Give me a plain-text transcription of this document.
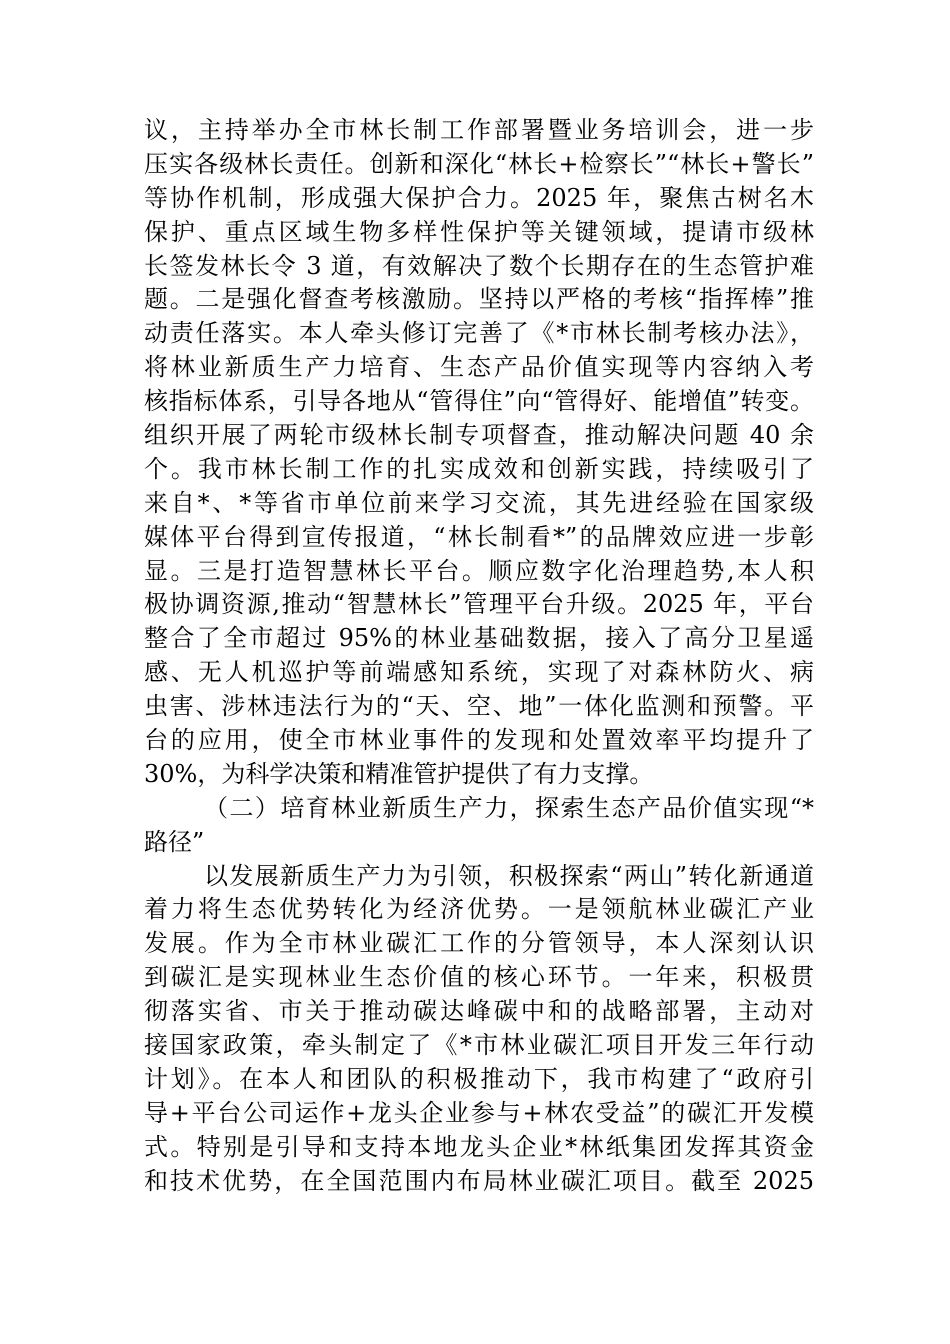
议，主持举办全市林长制工作部署暨业务培训会，进一步
压实各级林长责任。创新和深化“林长+检察长”“林长+警长”
等协作机制，形成强大保护合力。2025 年，聚焦古树名木
保护、重点区域生物多样性保护等关键领域，提请市级林
长签发林长令 3 道，有效解决了数个长期存在的生态管护难
题。二是强化督查考核激励。坚持以严格的考核“指挥棒”推
动责任落实。本人牵头修订完善了《*市林长制考核办法》，
将林业新质生产力培育、生态产品价值实现等内容纳入考
核指标体系，引导各地从“管得住”向“管得好、能增值”转变。
组织开展了两轮市级林长制专项督查，推动解决问题 40 余
个。我市林长制工作的扎实成效和创新实践，持续吸引了
来自*、*等省市单位前来学习交流，其先进经验在国家级
媒体平台得到宣传报道，“林长制看*”的品牌效应进一步彰
显。三是打造智慧林长平台。顺应数字化治理趋势,本人积
极协调资源,推动“智慧林长”管理平台升级。2025 年，平台
整合了全市超过 95%的林业基础数据，接入了高分卫星遥
感、无人机巡护等前端感知系统，实现了对森林防火、病
虫害、涉林违法行为的“天、空、地”一体化监测和预警。平
台的应用，使全市林业事件的发现和处置效率平均提升了
30%，为科学决策和精准管护提供了有力支撑。
（二）培育林业新质生产力，探索生态产品价值实现“*
路径”
以发展新质生产力为引领，积极探索“两山”转化新通道
着力将生态优势转化为经济优势。一是领航林业碳汇产业
发展。作为全市林业碳汇工作的分管领导，本人深刻认识
到碳汇是实现林业生态价值的核心环节。一年来，积极贯
彻落实省、市关于推动碳达峰碳中和的战略部署，主动对
接国家政策，牵头制定了《*市林业碳汇项目开发三年行动
计划》。在本人和团队的积极推动下，我市构建了“政府引
导+平台公司运作+龙头企业参与+林农受益”的碳汇开发模
式。特别是引导和支持本地龙头企业*林纸集团发挥其资金
和技术优势，在全国范围内布局林业碳汇项目。截至 2025
